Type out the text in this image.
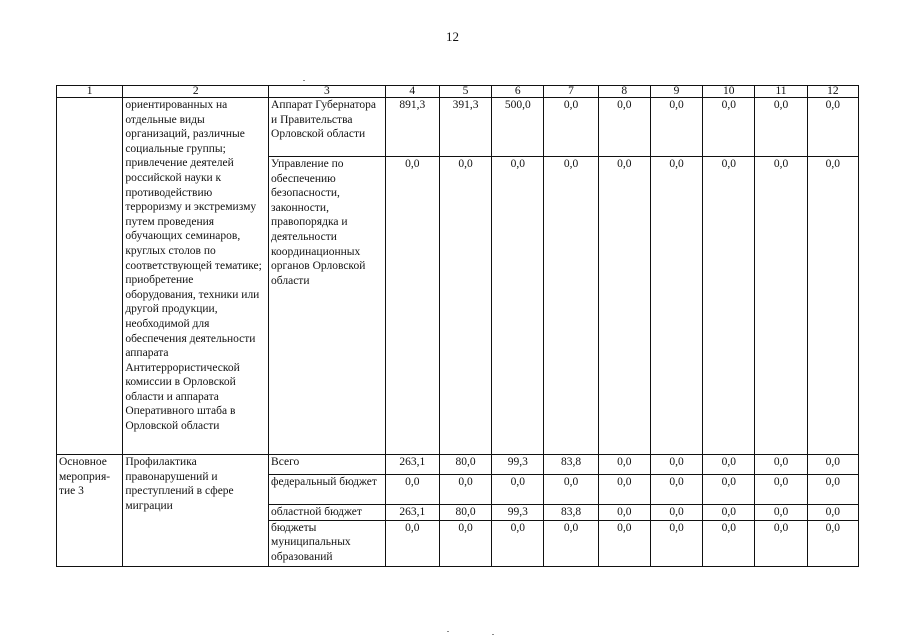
12
1	2	3	4	5	6	7	8	9	10	11	12
	ориентированных на отдельные виды организаций, различные социальные группы; привлечение деятелей российской науки к противодействию терроризму и экстремизму путем проведения обучающих семинаров, круглых столов по соответствующей тематике; приобретение оборудования, техники или другой продукции, необходимой для обеспечения деятельности аппарата Антитеррористической комиссии в Орловской области и аппарата Оперативного штаба в Орловской области	Аппарат Губернатора и Правительства Орловской области	891,3	391,3	500,0	0,0	0,0	0,0	0,0	0,0	0,0
		Управление по обеспечению безопасности, законности, правопорядка и деятельности координационных органов Орловской области	0,0	0,0	0,0	0,0	0,0	0,0	0,0	0,0	0,0
Основное мероприя-тие 3	Профилактика правонарушений и преступлений в сфере миграции	Всего	263,1	80,0	99,3	83,8	0,0	0,0	0,0	0,0	0,0
		федеральный бюджет	0,0	0,0	0,0	0,0	0,0	0,0	0,0	0,0	0,0
		областной бюджет	263,1	80,0	99,3	83,8	0,0	0,0	0,0	0,0	0,0
		бюджеты муниципальных образований	0,0	0,0	0,0	0,0	0,0	0,0	0,0	0,0	0,0
